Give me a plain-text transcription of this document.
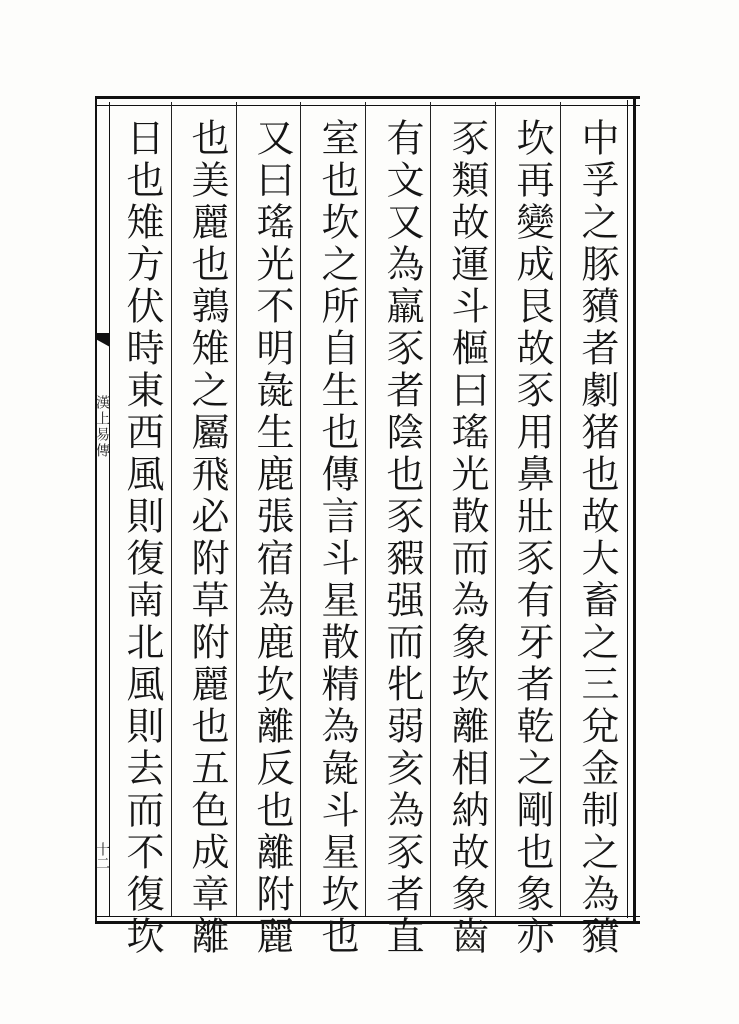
漢上易傳
十二	中孚之豚豶者劇猪也故大畜之三兌金制之為豶
坎再變成艮故豕用鼻壯豕有牙者乾之剛也象亦
豕類故運斗樞曰瑤光散而為象坎離相納故象齒
有文又為羸豕者陰也豕豭强而牝弱亥為豕者直
室也坎之所自生也傳言斗星散精為彘斗星坎也
又曰瑤光不明彘生鹿張宿為鹿坎離反也離附麗
也美麗也鶉雉之屬飛必附草附麗也五色成章離
日也雉方伏時東西風則復南北風則去而不復坎
